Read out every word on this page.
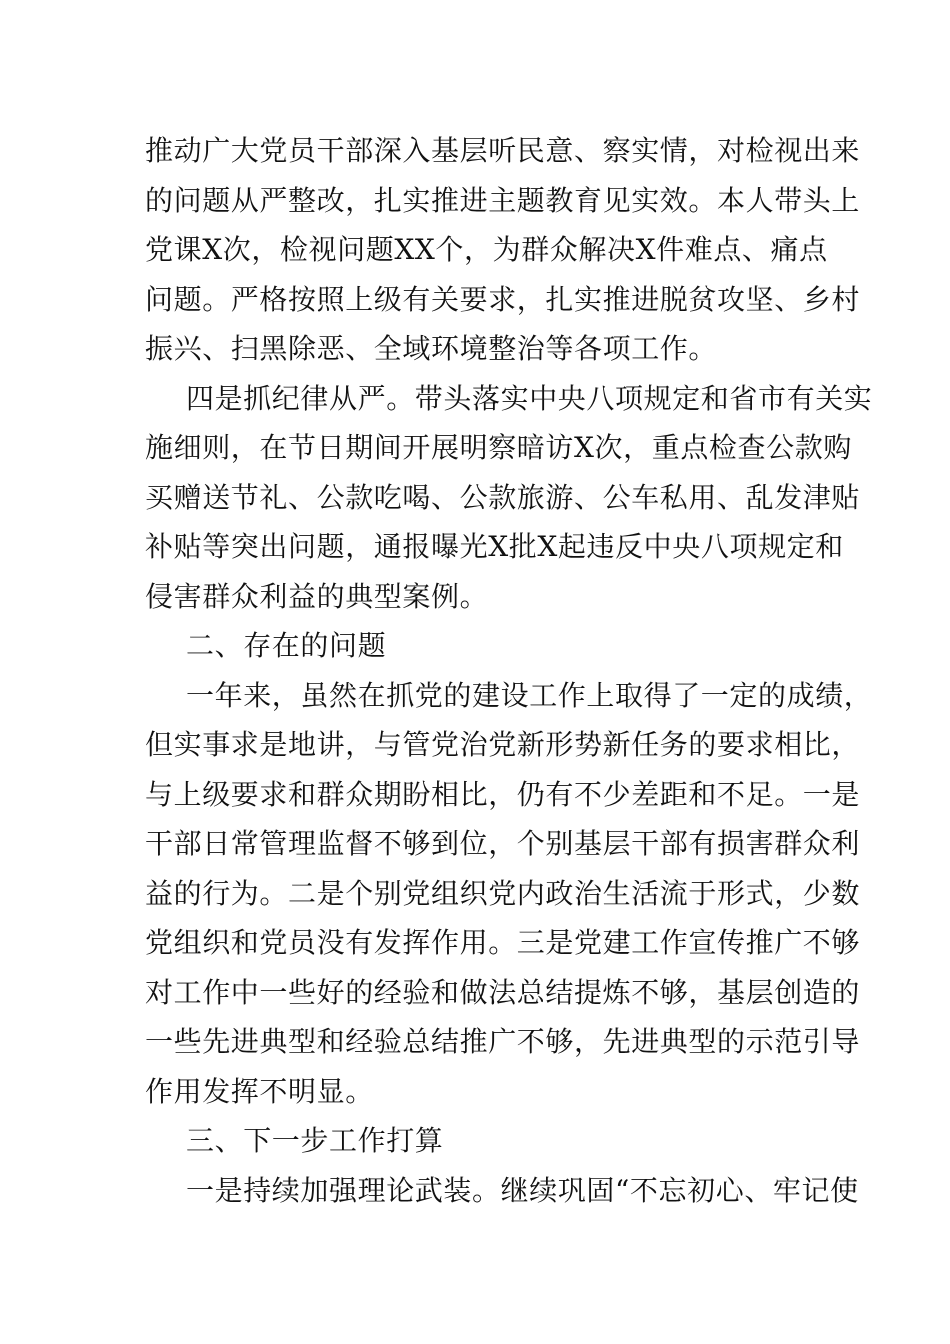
推动广大党员干部深入基层听民意、察实情，对检视出来
的问题从严整改，扎实推进主题教育见实效。本人带头上
党课X次，检视问题XX个，为群众解决X件难点、痛点
问题。严格按照上级有关要求，扎实推进脱贫攻坚、乡村
振兴、扫黑除恶、全域环境整治等各项工作。
四是抓纪律从严。带头落实中央八项规定和省市有关实
施细则，在节日期间开展明察暗访X次，重点检查公款购
买赠送节礼、公款吃喝、公款旅游、公车私用、乱发津贴
补贴等突出问题，通报曝光X批X起违反中央八项规定和
侵害群众利益的典型案例。
二、存在的问题
一年来，虽然在抓党的建设工作上取得了一定的成绩，
但实事求是地讲，与管党治党新形势新任务的要求相比，
与上级要求和群众期盼相比，仍有不少差距和不足。一是
干部日常管理监督不够到位，个别基层干部有损害群众利
益的行为。二是个别党组织党内政治生活流于形式，少数
党组织和党员没有发挥作用。三是党建工作宣传推广不够
对工作中一些好的经验和做法总结提炼不够，基层创造的
一些先进典型和经验总结推广不够，先进典型的示范引导
作用发挥不明显。
三、下一步工作打算
一是持续加强理论武装。继续巩固“不忘初心、牢记使
